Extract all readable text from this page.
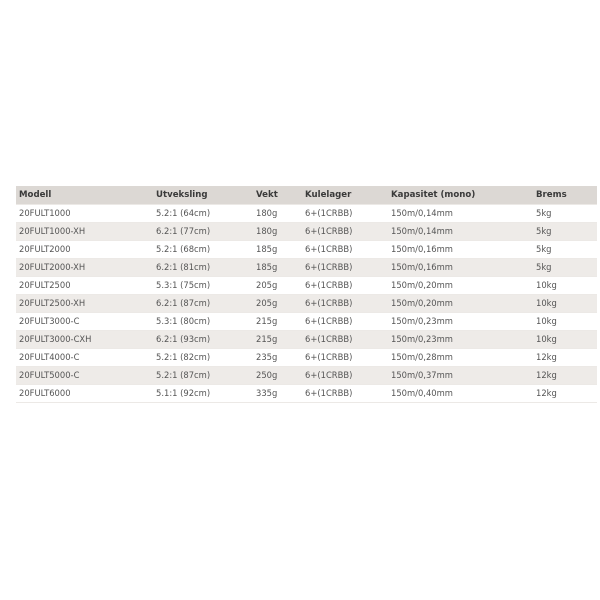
Modell	Utveksling	Vekt	Kulelager	Kapasitet (mono)	Brems
20FULT1000	5.2:1 (64cm)	180g	6+(1CRBB)	150m/0,14mm	5kg
20FULT1000-XH	6.2:1 (77cm)	180g	6+(1CRBB)	150m/0,14mm	5kg
20FULT2000	5.2:1 (68cm)	185g	6+(1CRBB)	150m/0,16mm	5kg
20FULT2000-XH	6.2:1 (81cm)	185g	6+(1CRBB)	150m/0,16mm	5kg
20FULT2500	5.3:1 (75cm)	205g	6+(1CRBB)	150m/0,20mm	10kg
20FULT2500-XH	6.2:1 (87cm)	205g	6+(1CRBB)	150m/0,20mm	10kg
20FULT3000-C	5.3:1 (80cm)	215g	6+(1CRBB)	150m/0,23mm	10kg
20FULT3000-CXH	6.2:1 (93cm)	215g	6+(1CRBB)	150m/0,23mm	10kg
20FULT4000-C	5.2:1 (82cm)	235g	6+(1CRBB)	150m/0,28mm	12kg
20FULT5000-C	5.2:1 (87cm)	250g	6+(1CRBB)	150m/0,37mm	12kg
20FULT6000	5.1:1 (92cm)	335g	6+(1CRBB)	150m/0,40mm	12kg
